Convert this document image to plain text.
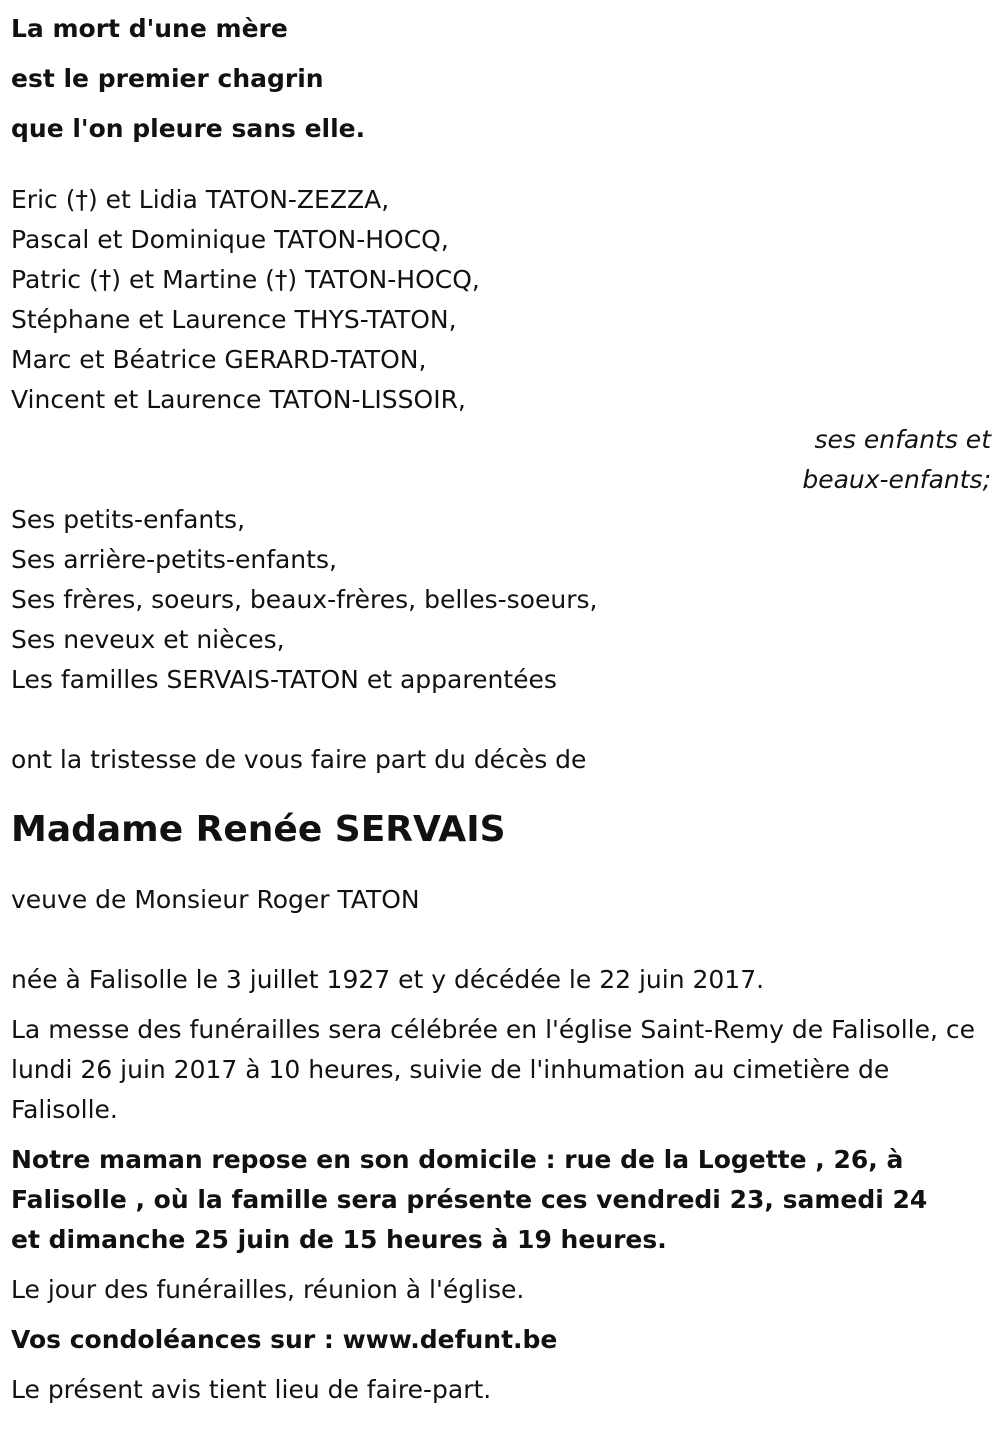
La mort d'une mère
est le premier chagrin
que l'on pleure sans elle.
Eric (†) et Lidia TATON-ZEZZA,
Pascal et Dominique TATON-HOCQ,
Patric (†) et Martine (†) TATON-HOCQ,
Stéphane et Laurence THYS-TATON,
Marc et Béatrice GERARD-TATON,
Vincent et Laurence TATON-LISSOIR,
ses enfants et
beaux-enfants;
Ses petits-enfants,
Ses arrière-petits-enfants,
Ses frères, soeurs, beaux-frères, belles-soeurs,
Ses neveux et nièces,
Les familles SERVAIS-TATON et apparentées
ont la tristesse de vous faire part du décès de
Madame Renée SERVAIS
veuve de Monsieur Roger TATON
née à Falisolle le 3 juillet 1927 et y décédée le 22 juin 2017.
La messe des funérailles sera célébrée en l'église Saint-Remy de Falisolle, ce lundi 26 juin 2017 à 10 heures, suivie de l'inhumation au cimetière de Falisolle.
Notre maman repose en son domicile : rue de la Logette , 26, à Falisolle , où la famille sera présente ces vendredi 23, samedi 24 et dimanche 25 juin de 15 heures à 19 heures.
Le jour des funérailles, réunion à l'église.
Vos condoléances sur : www.defunt.be
Le présent avis tient lieu de faire-part.
